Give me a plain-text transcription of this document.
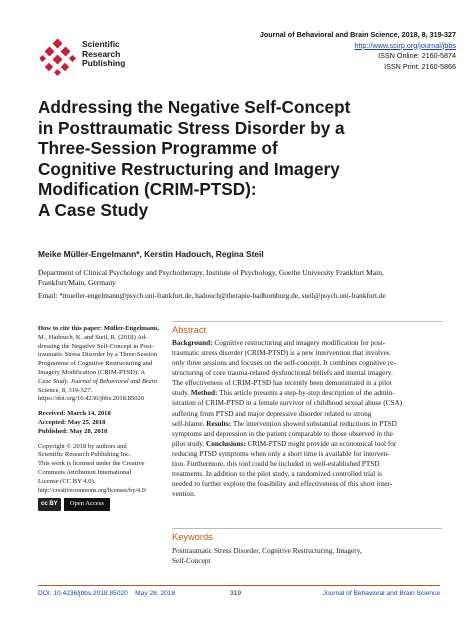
Scientific
Research
Publishing
Journal of Behavioral and Brain Science, 2018, 8, 319-327
http://www.scirp.org/journal/jbbs
ISSN Online: 2160-5874
ISSN Print: 2160-5866
Addressing the Negative Self-Concept
in Posttraumatic Stress Disorder by a
Three-Session Programme of
Cognitive Restructuring and Imagery
Modification (CRIM-PTSD):
A Case Study
Meike Müller-Engelmann*, Kerstin Hadouch, Regina Steil
Department of Clinical Psychology and Psychotherapy, Institute of Psychology, Goethe University Frankfurt Main,
Frankfurt/Main, Germany
Email: *mueller-engelmann@psych.uni-frankfurt.de, hadouch@therapie-badhomburg.de, steil@psych.uni-frankfurt.de
How to cite this paper: Müller-Engelmann,
M., Hadouch, K. and Steil, R. (2018) Ad-
dressing the Negative Self-Concept in Post-
traumatic Stress Disorder by a Three-Session
Programme of Cognitive Restructuring and
Imagery Modification (CRIM-PTSD): A
Case Study. Journal of Behavioral and Brain
Science, 8, 319-327.
https://doi.org/10.4236/jbbs.2018.85020
Received: March 14, 2018
Accepted: May 25, 2018
Published: May 28, 2018
Copyright © 2018 by authors and
Scientific Research Publishing Inc.
This work is licensed under the Creative
Commons Attribution International
License (CC BY 4.0).
http://creativecommons.org/licenses/by/4.0/
cc BY	Open Access
Abstract
Background: Cognitive restructuring and imagery modification for post-
traumatic stress disorder (CRIM-PTSD) is a new intervention that involves
only three sessions and focuses on the self-concept. It combines cognitive re-
structuring of core trauma-related dysfunctional beliefs and mental imagery.
The effectiveness of CRIM-PTSD has recently been demonstrated in a pilot
study. Method: This article presents a step-by-step description of the admin-
istration of CRIM-PTSD in a female survivor of childhood sexual abuse (CSA)
suffering from PTSD and major depressive disorder related to strong
self-blame. Results: The intervention showed substantial reductions in PTSD
symptoms and depression in the patient comparable to those observed in the
pilot study. Conclusions: CRIM-PTSD might provide an economical tool for
reducing PTSD symptoms when only a short time is available for interven-
tion. Furthermore, this tool could be included in well-established PTSD
treatments. In addition to the pilot study, a randomized controlled trial is
needed to further explore the feasibility and effectiveness of this short inter-
vention.
Keywords
Posttraumatic Stress Disorder, Cognitive Restructuring, Imagery,
Self-Concept
DOI: 10.4236/jbbs.2018.85020 May 28, 2018	319	Journal of Behavioral and Brain Science
